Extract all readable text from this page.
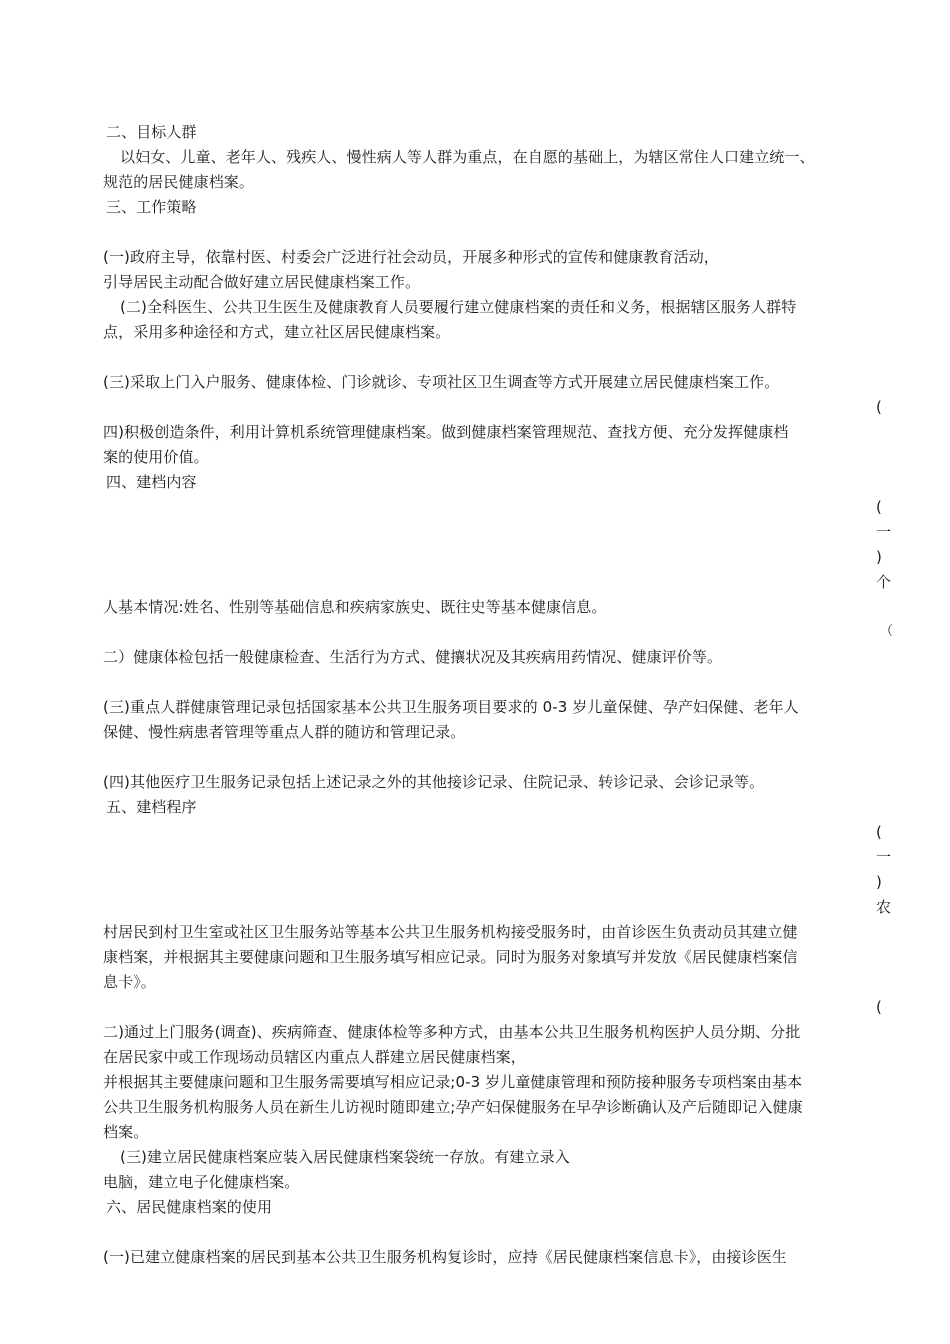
二、目标人群
以妇女、儿童、老年人、残疾人、慢性病人等人群为重点，在自愿的基础上，为辖区常住人口建立统一、
规范的居民健康档案。
三、工作策略
(一)政府主导，依靠村医、村委会广泛进行社会动员，开展多种形式的宣传和健康教育活动，
引导居民主动配合做好建立居民健康档案工作。
(二)全科医生、公共卫生医生及健康教育人员要履行建立健康档案的责任和义务，根据辖区服务人群特
点，采用多种途径和方式，建立社区居民健康档案。
(三)采取上门入户服务、健康体检、门诊就诊、专项社区卫生调查等方式开展建立居民健康档案工作。
(
四)积极创造条件，利用计算机系统管理健康档案。做到健康档案管理规范、查找方便、充分发挥健康档
案的使用价值。
四、建档内容
(
一
)
个
人基本情况:姓名、性别等基础信息和疾病家族史、既往史等基本健康信息。
（
二）健康体检包括一般健康检查、生活行为方式、健攘状况及其疾病用药情况、健康评价等。
(三)重点人群健康管理记录包括国家基本公共卫生服务项目要求的 0-3 岁儿童保健、孕产妇保健、老年人
保健、慢性病患者管理等重点人群的随访和管理记录。
(四)其他医疗卫生服务记录包括上述记录之外的其他接诊记录、住院记录、转诊记录、会诊记录等。
五、建档程序
(
一
)
农
村居民到村卫生室或社区卫生服务站等基本公共卫生服务机构接受服务时，由首诊医生负责动员其建立健
康档案，并根据其主要健康问题和卫生服务填写相应记录。同时为服务对象填写并发放《居民健康档案信
息卡》。
(
二)通过上门服务(调查)、疾病筛查、健康体检等多种方式，由基本公共卫生服务机构医护人员分期、分批
在居民家中或工作现场动员辖区内重点人群建立居民健康档案，
并根据其主要健康问题和卫生服务需要填写相应记录;0-3 岁儿童健康管理和预防接种服务专项档案由基本
公共卫生服务机构服务人员在新生儿访视时随即建立;孕产妇保健服务在早孕诊断确认及产后随即记入健康
档案。
(三)建立居民健康档案应装入居民健康档案袋统一存放。有建立录入
电脑，建立电子化健康档案。
六、居民健康档案的使用
(一)已建立健康档案的居民到基本公共卫生服务机构复诊时，应持《居民健康档案信息卡》，由接诊医生
